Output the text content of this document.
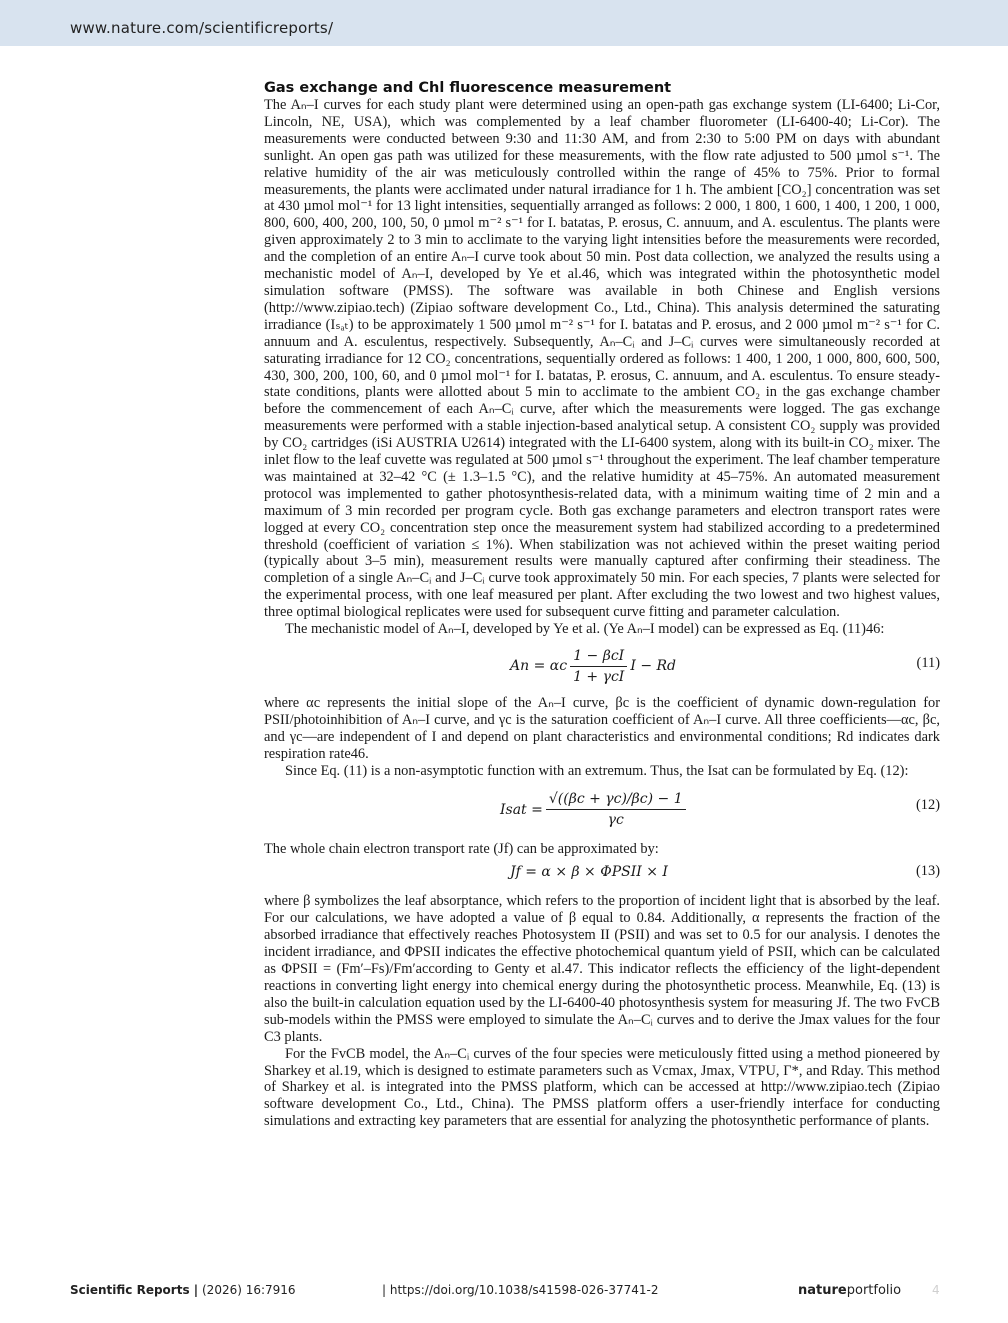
www.nature.com/scientificreports/
Gas exchange and Chl fluorescence measurement

The Aₙ–I curves for each study plant were determined using an open-path gas exchange system (LI-6400; Li-Cor, Lincoln, NE, USA), which was complemented by a leaf chamber fluorometer (LI-6400-40; Li-Cor). The measurements were conducted between 9:30 and 11:30 AM, and from 2:30 to 5:00 PM on days with abundant sunlight. An open gas path was utilized for these measurements, with the flow rate adjusted to 500 µmol s⁻¹. The relative humidity of the air was meticulously controlled within the range of 45% to 75%. Prior to formal measurements, the plants were acclimated under natural irradiance for 1 h. The ambient [CO₂] concentration was set at 430 µmol mol⁻¹ for 13 light intensities, sequentially arranged as follows: 2 000, 1 800, 1 600, 1 400, 1 200, 1 000, 800, 600, 400, 200, 100, 50, 0 µmol m⁻² s⁻¹ for I. batatas, P. erosus, C. annuum, and A. esculentus. The plants were given approximately 2 to 3 min to acclimate to the varying light intensities before the measurements were recorded, and the completion of an entire Aₙ–I curve took about 50 min. Post data collection, we analyzed the results using a mechanistic model of Aₙ–I, developed by Ye et al.46, which was integrated within the photosynthetic model simulation software (PMSS). The software was available in both Chinese and English versions (http://www.zipiao.tech) (Zipiao software development Co., Ltd., China). This analysis determined the saturating irradiance (Iₛₐₜ) to be approximately 1 500 µmol m⁻² s⁻¹ for I. batatas and P. erosus, and 2 000 µmol m⁻² s⁻¹ for C. annuum and A. esculentus, respectively. Subsequently, Aₙ–Cᵢ and J–Cᵢ curves were simultaneously recorded at saturating irradiance for 12 CO₂ concentrations, sequentially ordered as follows: 1 400, 1 200, 1 000, 800, 600, 500, 430, 300, 200, 100, 60, and 0 µmol mol⁻¹ for I. batatas, P. erosus, C. annuum, and A. esculentus. To ensure steady-state conditions, plants were allotted about 5 min to acclimate to the ambient CO₂ in the gas exchange chamber before the commencement of each Aₙ–Cᵢ curve, after which the measurements were logged. The gas exchange measurements were performed with a stable injection-based analytical setup. A consistent CO₂ supply was provided by CO₂ cartridges (iSi AUSTRIA U2614) integrated with the LI-6400 system, along with its built-in CO₂ mixer. The inlet flow to the leaf cuvette was regulated at 500 µmol s⁻¹ throughout the experiment. The leaf chamber temperature was maintained at 32–42 °C (± 1.3–1.5 °C), and the relative humidity at 45–75%. An automated measurement protocol was implemented to gather photosynthesis-related data, with a minimum waiting time of 2 min and a maximum of 3 min recorded per program cycle. Both gas exchange parameters and electron transport rates were logged at every CO₂ concentration step once the measurement system had stabilized according to a predetermined threshold (coefficient of variation ≤ 1%). When stabilization was not achieved within the preset waiting period (typically about 3–5 min), measurement results were manually captured after confirming their steadiness. The completion of a single Aₙ–Cᵢ and J–Cᵢ curve took approximately 50 min. For each species, 7 plants were selected for the experimental process, with one leaf measured per plant. After excluding the two lowest and two highest values, three optimal biological replicates were used for subsequent curve fitting and parameter calculation.

The mechanistic model of Aₙ–I, developed by Ye et al. (Ye Aₙ–I model) can be expressed as Eq. (11)46:

An = αc $\frac{\text{1 − βcI}}{\text{1 + γcI}}$ I − Rd	(11)

where αc represents the initial slope of the Aₙ–I curve, βc is the coefficient of dynamic down-regulation for PSII/photoinhibition of Aₙ–I curve, and γc is the saturation coefficient of Aₙ–I curve. All three coefficients—αc, βc, and γc—are independent of I and depend on plant characteristics and environmental conditions; Rd indicates dark respiration rate46.

Since Eq. (11) is a non-asymptotic function with an extremum. Thus, the Isat can be formulated by Eq. (12):

Isat = $\frac{√((\beta c + \gamma c)/\beta c) - 1}{\gamma c}$	(12)

The whole chain electron transport rate (Jf) can be approximated by:

Jf = α × β × ΦPSII × I	(13)

where β symbolizes the leaf absorptance, which refers to the proportion of incident light that is absorbed by the leaf. For our calculations, we have adopted a value of β equal to 0.84. Additionally, α represents the fraction of the absorbed irradiance that effectively reaches Photosystem II (PSII) and was set to 0.5 for our analysis. I denotes the incident irradiance, and ΦPSII indicates the effective photochemical quantum yield of PSII, which can be calculated as ΦPSII = (Fm′–Fs)/Fm′according to Genty et al.47. This indicator reflects the efficiency of the light-dependent reactions in converting light energy into chemical energy during the photosynthetic process. Meanwhile, Eq. (13) is also the built-in calculation equation used by the LI-6400-40 photosynthesis system for measuring Jf. The two FvCB sub-models within the PMSS were employed to simulate the Aₙ–Cᵢ curves and to derive the Jmax values for the four C3 plants.

For the FvCB model, the Aₙ–Cᵢ curves of the four species were meticulously fitted using a method pioneered by Sharkey et al.19, which is designed to estimate parameters such as Vcmax, Jmax, VTPU, Γ*, and Rday. This method of Sharkey et al. is integrated into the PMSS platform, which can be accessed at http://www.zipiao.tech (Zipiao software development Co., Ltd., China). The PMSS platform offers a user-friendly interface for conducting simulations and extracting key parameters that are essential for analyzing the photosynthetic performance of plants.

Scientific Reports | (2026) 16:7916	| https://doi.org/10.1038/s41598-026-37741-2	natureportfolio	4
